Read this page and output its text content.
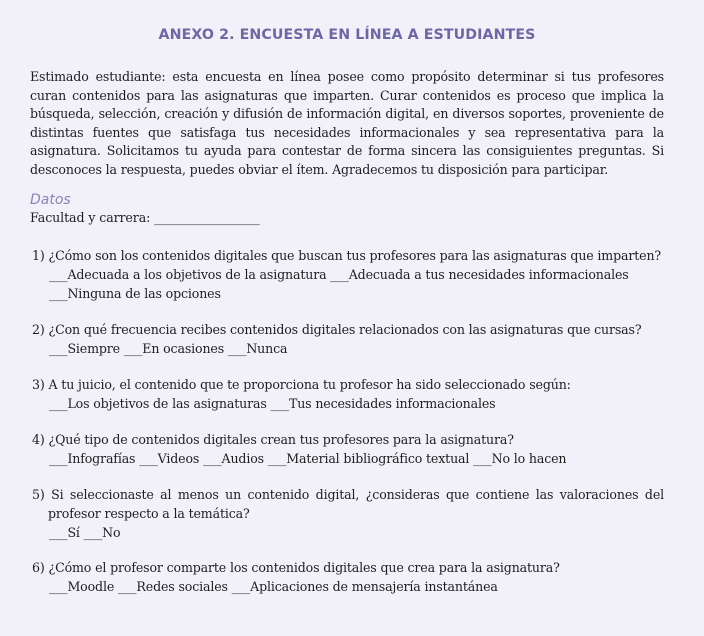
ANEXO 2. ENCUESTA EN LÍNEA A ESTUDIANTES
Estimado estudiante: esta encuesta en línea posee como propósito determinar si tus profesores curan contenidos para las asignaturas que imparten. Curar contenidos es proceso que implica la búsqueda, selección, creación y difusión de información digital, en diversos soportes, proveniente de distintas fuentes que satisfaga tus necesidades informacionales y sea representativa para la asignatura. Solicitamos tu ayuda para contestar de forma sincera las consiguientes preguntas. Si desconoces la respuesta, puedes obviar el ítem. Agradecemos tu disposición para participar.
Datos
Facultad y carrera: _________________
1) ¿Cómo son los contenidos digitales que buscan tus profesores para las asignaturas que imparten?
___Adecuada a los objetivos de la asignatura ___Adecuada a tus necesidades informacionales
___Ninguna de las opciones
2) ¿Con qué frecuencia recibes contenidos digitales relacionados con las asignaturas que cursas?
___Siempre ___En ocasiones ___Nunca
3) A tu juicio, el contenido que te proporciona tu profesor ha sido seleccionado según:
___Los objetivos de las asignaturas ___Tus necesidades informacionales
4) ¿Qué tipo de contenidos digitales crean tus profesores para la asignatura?
___Infografías ___Videos ___Audios ___Material bibliográfico textual ___No lo hacen
5) Si seleccionaste al menos un contenido digital, ¿consideras que contiene las valoraciones del profesor respecto a la temática?
___Sí ___No
6) ¿Cómo el profesor comparte los contenidos digitales que crea para la asignatura?
___Moodle ___Redes sociales ___Aplicaciones de mensajería instantánea
